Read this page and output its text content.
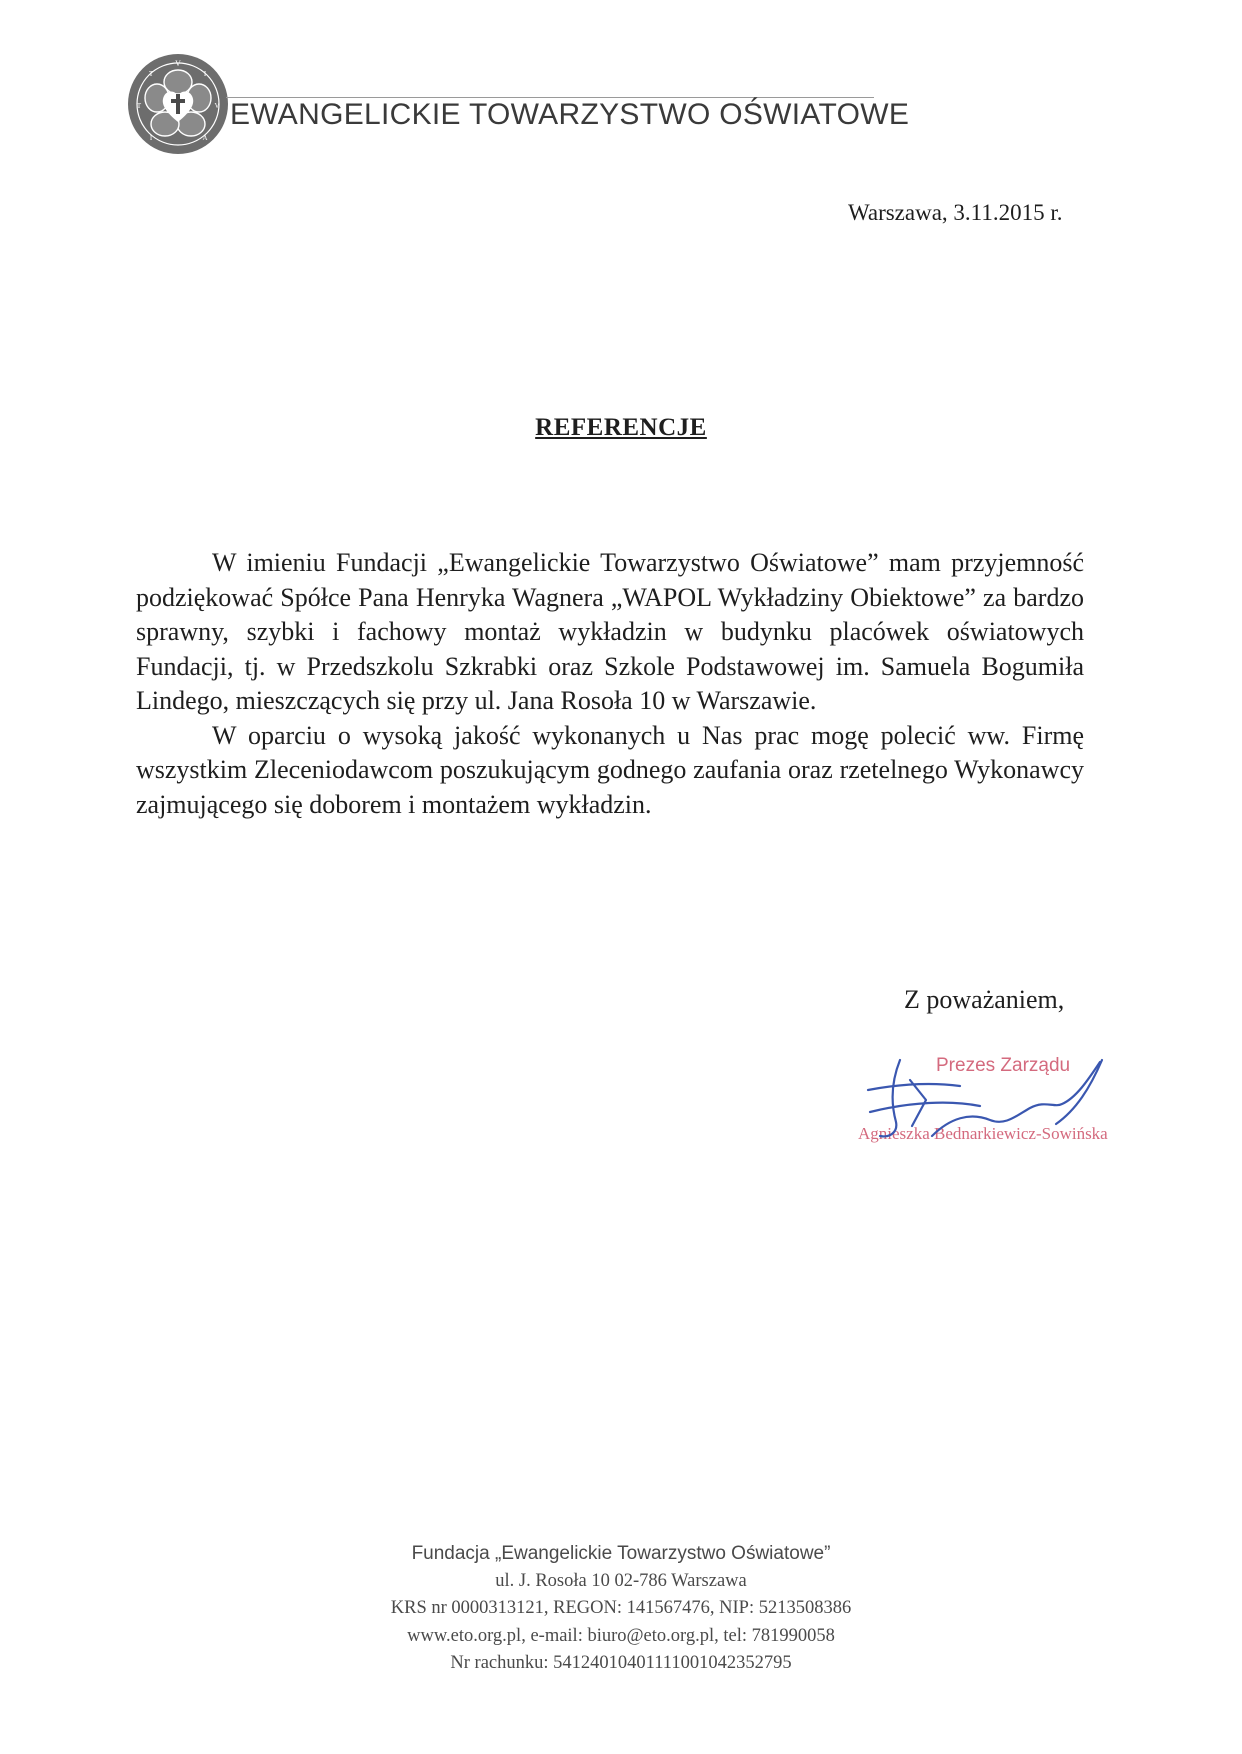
V
I
V
A
I
T
T
EWANGELICKIE TOWARZYSTWO OŚWIATOWE
Warszawa, 3.11.2015 r.
REFERENCJE

W imieniu Fundacji „Ewangelickie Towarzystwo Oświatowe” mam przyjemność podziękować Spółce Pana Henryka Wagnera „WAPOL Wykładziny Obiektowe” za bardzo sprawny, szybki i fachowy montaż wykładzin w budynku placówek oświatowych Fundacji, tj. w Przedszkolu Szkrabki oraz Szkole Podstawowej im. Samuela Bogumiła Lindego, mieszczących się przy ul. Jana Rosoła 10 w Warszawie.

W oparciu o wysoką jakość wykonanych u Nas prac mogę polecić ww. Firmę wszystkim Zleceniodawcom poszukującym godnego zaufania oraz rzetelnego Wykonawcy zajmującego się doborem i montażem wykładzin.

Z poważaniem,
Prezes Zarządu
Agnieszka Bednarkiewicz-Sowińska
Fundacja „Ewangelickie Towarzystwo Oświatowe”
ul. J. Rosoła 10 02-786 Warszawa
KRS nr 0000313121, REGON: 141567476, NIP: 5213508386
www.eto.org.pl, e-mail: biuro@eto.org.pl, tel: 781990058
Nr rachunku: 54124010401111001042352795
